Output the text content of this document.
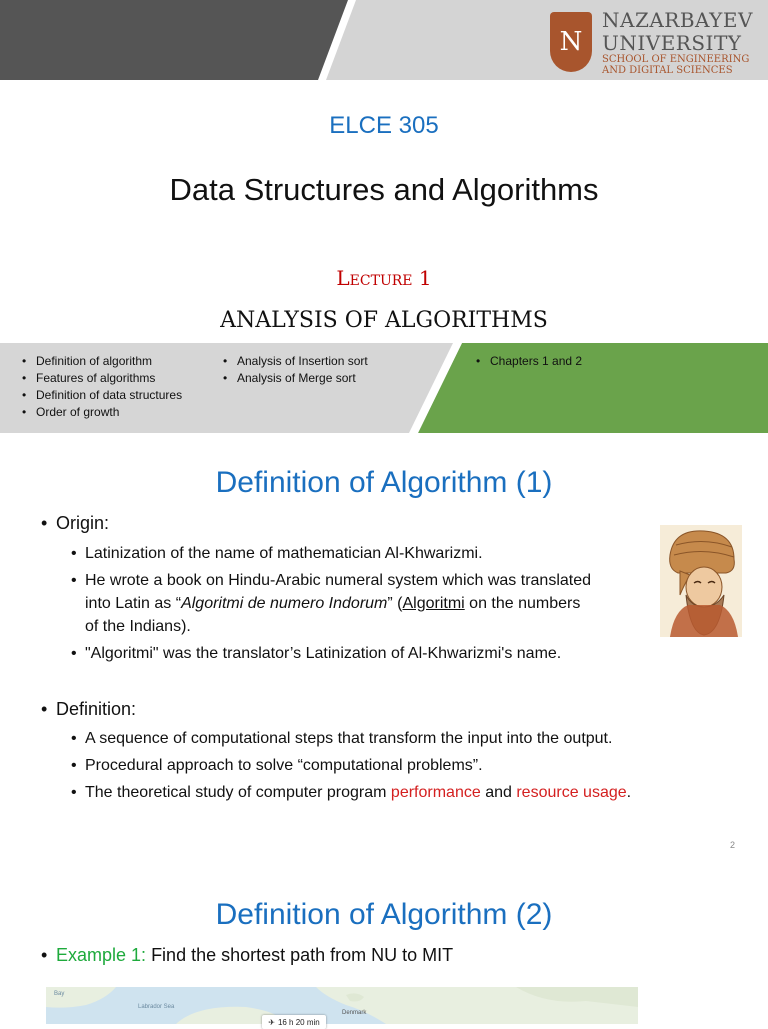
N
NAZARBAYEV
UNIVERSITY
SCHOOL OF ENGINEERING
AND DIGITAL SCIENCES
ELCE 305
Data Structures and Algorithms
Lecture 1
ANALYSIS OF ALGORITHMS
• Definition of algorithm
• Features of algorithms
• Definition of data structures
• Order of growth
• Analysis of Insertion sort
• Analysis of Merge sort
• Chapters 1 and 2
Definition of Algorithm (1)
• Origin:
• Latinization of the name of mathematician Al-Khwarizmi.
• He wrote a book on Hindu-Arabic numeral system which was translated
into Latin as “Algoritmi de numero Indorum” (Algoritmi on the numbers
of the Indians).
• "Algoritmi" was the translator’s Latinization of Al-Khwarizmi's name.
• Definition:
• A sequence of computational steps that transform the input into the output.
• Procedural approach to solve “computational problems”.
• The theoretical study of computer program performance and resource usage.
2
Definition of Algorithm (2)
• Example 1: Find the shortest path from NU to MIT
Bay
Labrador Sea
Denmark
✈ 16 h 20 min
